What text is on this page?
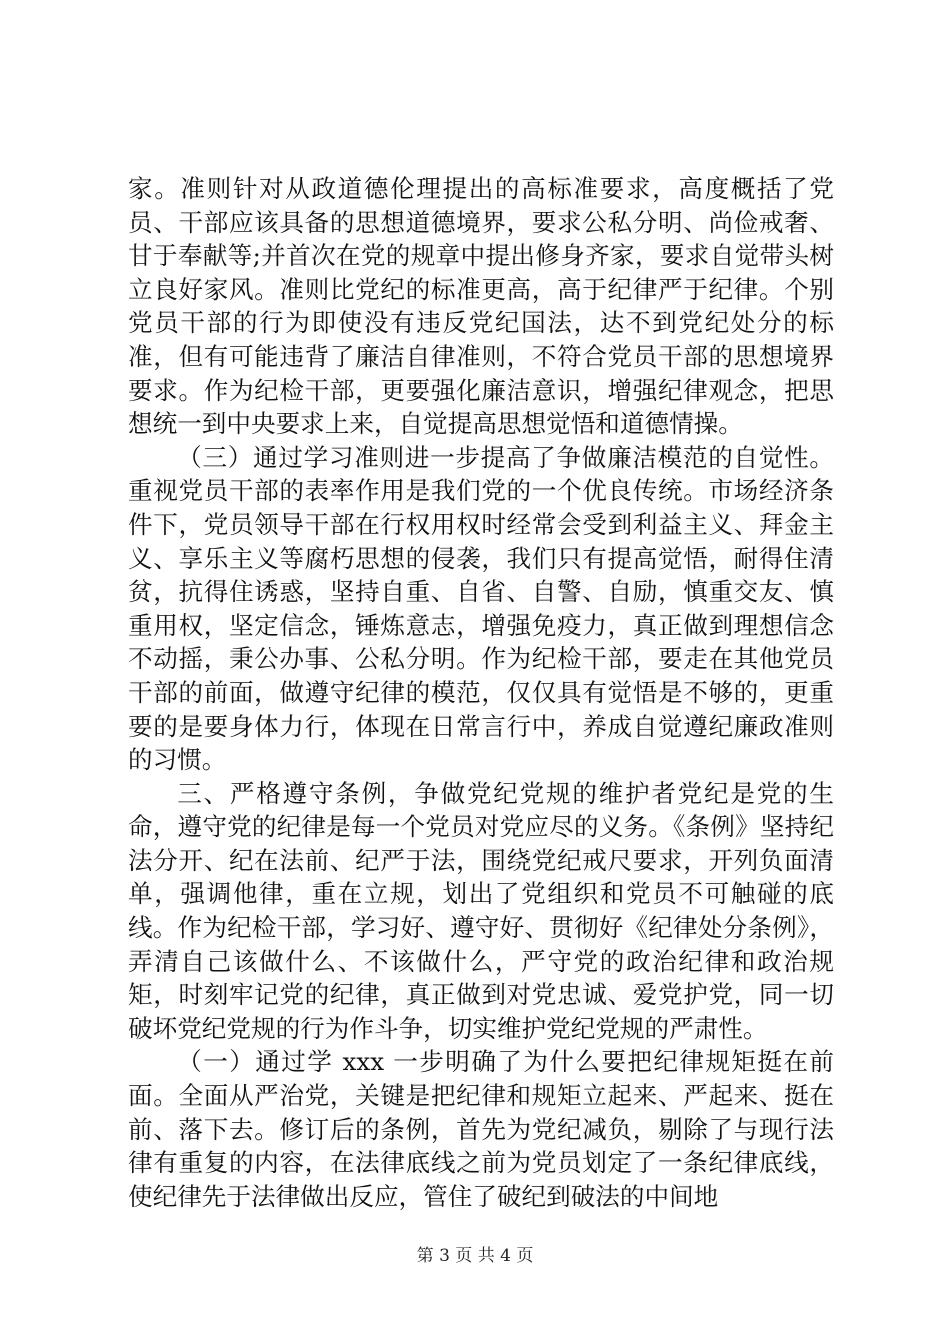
家。准则针对从政道德伦理提出的高标准要求，高度概括了党员、干部应该具备的思想道德境界，要求公私分明、尚俭戒奢、甘于奉献等;并首次在党的规章中提出修身齐家，要求自觉带头树立良好家风。准则比党纪的标准更高，高于纪律严于纪律。个别党员干部的行为即使没有违反党纪国法，达不到党纪处分的标准，但有可能违背了廉洁自律准则，不符合党员干部的思想境界要求。作为纪检干部，更要强化廉洁意识，增强纪律观念，把思想统一到中央要求上来，自觉提高思想觉悟和道德情操。

（三）通过学习准则进一步提高了争做廉洁模范的自觉性。重视党员干部的表率作用是我们党的一个优良传统。市场经济条件下，党员领导干部在行权用权时经常会受到利益主义、拜金主义、享乐主义等腐朽思想的侵袭，我们只有提高觉悟，耐得住清贫，抗得住诱惑，坚持自重、自省、自警、自励，慎重交友、慎重用权，坚定信念，锤炼意志，增强免疫力，真正做到理想信念不动摇，秉公办事、公私分明。作为纪检干部，要走在其他党员干部的前面，做遵守纪律的模范，仅仅具有觉悟是不够的，更重要的是要身体力行，体现在日常言行中，养成自觉遵纪廉政准则的习惯。

三、严格遵守条例，争做党纪党规的维护者党纪是党的生命，遵守党的纪律是每一个党员对党应尽的义务。《条例》坚持纪法分开、纪在法前、纪严于法，围绕党纪戒尺要求，开列负面清单，强调他律，重在立规，划出了党组织和党员不可触碰的底线。作为纪检干部，学习好、遵守好、贯彻好《纪律处分条例》，弄清自己该做什么、不该做什么，严守党的政治纪律和政治规矩，时刻牢记党的纪律，真正做到对党忠诚、爱党护党，同一切破坏党纪党规的行为作斗争，切实维护党纪党规的严肃性。

（一）通过学 xxx 一步明确了为什么要把纪律规矩挺在前面。全面从严治党，关键是把纪律和规矩立起来、严起来、挺在前、落下去。修订后的条例，首先为党纪减负，剔除了与现行法律有重复的内容，在法律底线之前为党员划定了一条纪律底线，使纪律先于法律做出反应，管住了破纪到破法的中间地

第 3 页 共 4 页
